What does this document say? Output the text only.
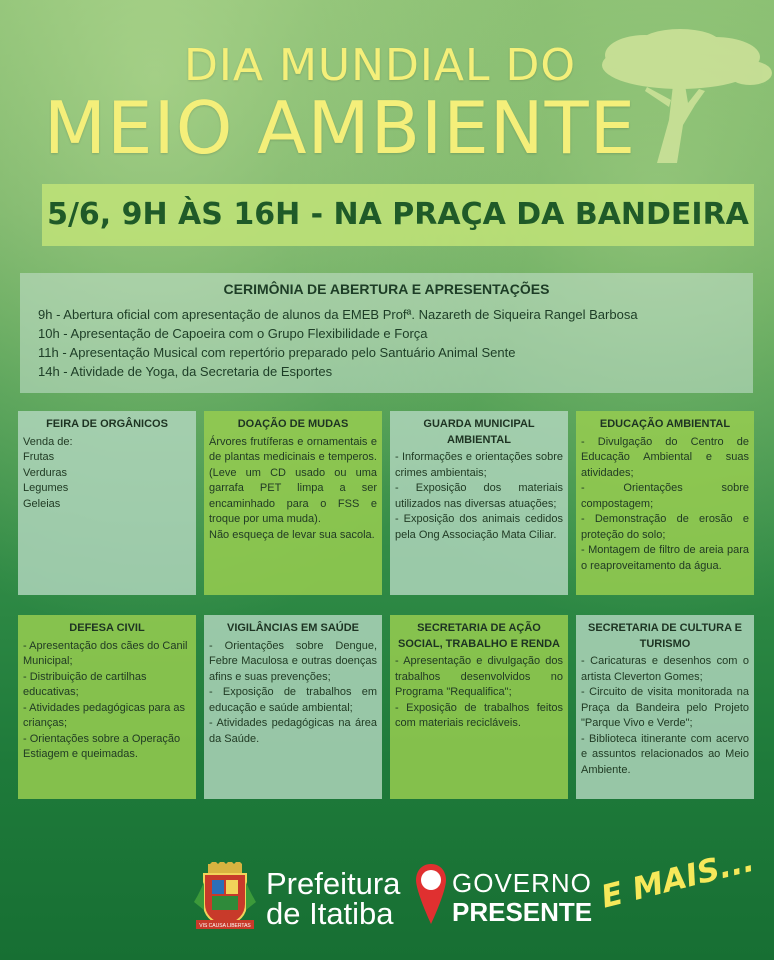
DIA MUNDIAL DO
MEIO AMBIENTE
5/6, 9H ÀS 16H - NA PRAÇA DA BANDEIRA
CERIMÔNIA DE ABERTURA E APRESENTAÇÕES
9h - Abertura oficial com apresentação de alunos da EMEB Profª. Nazareth de Siqueira Rangel Barbosa
10h - Apresentação de Capoeira com o Grupo Flexibilidade e Força
11h - Apresentação Musical com repertório preparado pelo Santuário Animal Sente
14h - Atividade de Yoga, da Secretaria de Esportes
FEIRA DE ORGÂNICOS
Venda de:
Frutas
Verduras
Legumes
Geleias
DOAÇÃO DE MUDAS
Árvores frutíferas e ornamentais e de plantas medicinais e temperos. (Leve um CD usado ou uma garrafa PET limpa a ser encaminhado para o FSS e troque por uma muda).
Não esqueça de levar sua sacola.
GUARDA MUNICIPAL AMBIENTAL
- Informações e orientações sobre crimes ambientais;
- Exposição dos materiais utilizados nas diversas atuações;
- Exposição dos animais cedidos pela Ong Associação Mata Ciliar.
EDUCAÇÃO AMBIENTAL
- Divulgação do Centro de Educação Ambiental e suas atividades;
- Orientações sobre compostagem;
- Demonstração de erosão e proteção do solo;
- Montagem de filtro de areia para o reaproveitamento da água.
DEFESA CIVIL
- Apresentação dos cães do Canil Municipal;
- Distribuição de cartilhas educativas;
- Atividades pedagógicas para as crianças;
- Orientações sobre a Operação Estiagem e queimadas.
VIGILÂNCIAS EM SAÚDE
- Orientações sobre Dengue, Febre Maculosa e outras doenças afins e suas prevenções;
- Exposição de trabalhos em educação e saúde ambiental;
- Atividades pedagógicas na área da Saúde.
SECRETARIA DE AÇÃO SOCIAL, TRABALHO E RENDA
- Apresentação e divulgação dos trabalhos desenvolvidos no Programa "Requalifica";
- Exposição de trabalhos feitos com materiais recicláveis.
SECRETARIA DE CULTURA E TURISMO
- Caricaturas e desenhos com o artista Cleverton Gomes;
- Circuito de visita monitorada na Praça da Bandeira pelo Projeto "Parque Vivo e Verde";
- Biblioteca itinerante com acervo e assuntos relacionados ao Meio Ambiente.
VIS CAUSA LIBERTAS
Prefeitura
de Itatiba
GOVERNO
PRESENTE E MAIS...
